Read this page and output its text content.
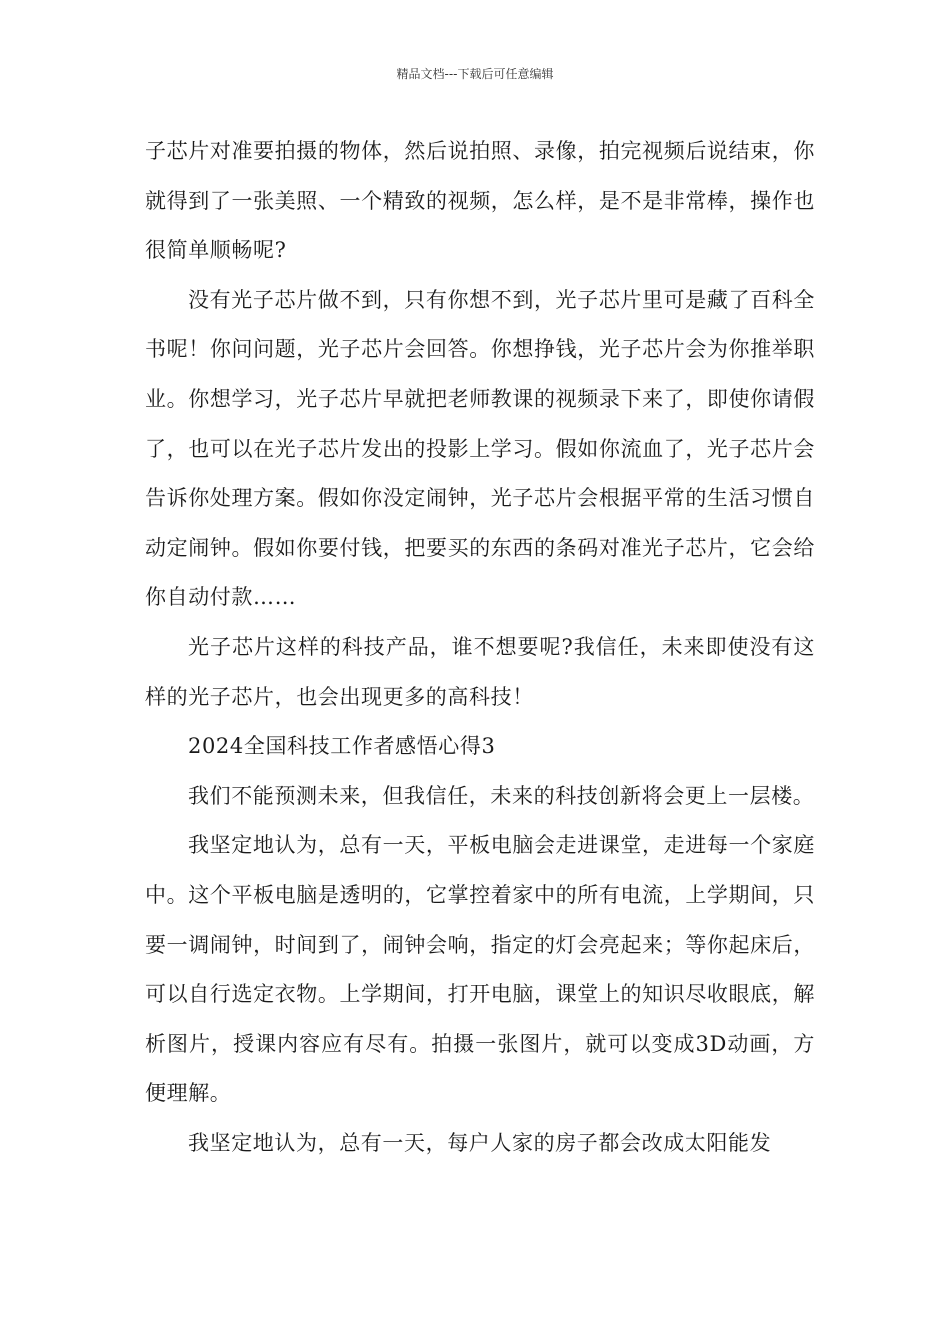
精品文档---下载后可任意编辑

子芯片对准要拍摄的物体，然后说拍照、录像，拍完视频后说结束，你就得到了一张美照、一个精致的视频，怎么样，是不是非常棒，操作也很简单顺畅呢?

没有光子芯片做不到，只有你想不到，光子芯片里可是藏了百科全书呢！你问问题，光子芯片会回答。你想挣钱，光子芯片会为你推举职业。你想学习，光子芯片早就把老师教课的视频录下来了，即使你请假了，也可以在光子芯片发出的投影上学习。假如你流血了，光子芯片会告诉你处理方案。假如你没定闹钟，光子芯片会根据平常的生活习惯自动定闹钟。假如你要付钱，把要买的东西的条码对准光子芯片，它会给你自动付款……

光子芯片这样的科技产品，谁不想要呢?我信任，未来即使没有这样的光子芯片，也会出现更多的高科技！

2024全国科技工作者感悟心得3

我们不能预测未来，但我信任，未来的科技创新将会更上一层楼。

我坚定地认为，总有一天，平板电脑会走进课堂，走进每一个家庭中。这个平板电脑是透明的，它掌控着家中的所有电流，上学期间，只要一调闹钟，时间到了，闹钟会响，指定的灯会亮起来；等你起床后，可以自行选定衣物。上学期间，打开电脑，课堂上的知识尽收眼底，解析图片，授课内容应有尽有。拍摄一张图片，就可以变成3D动画，方便理解。

我坚定地认为，总有一天，每户人家的房子都会改成太阳能发
